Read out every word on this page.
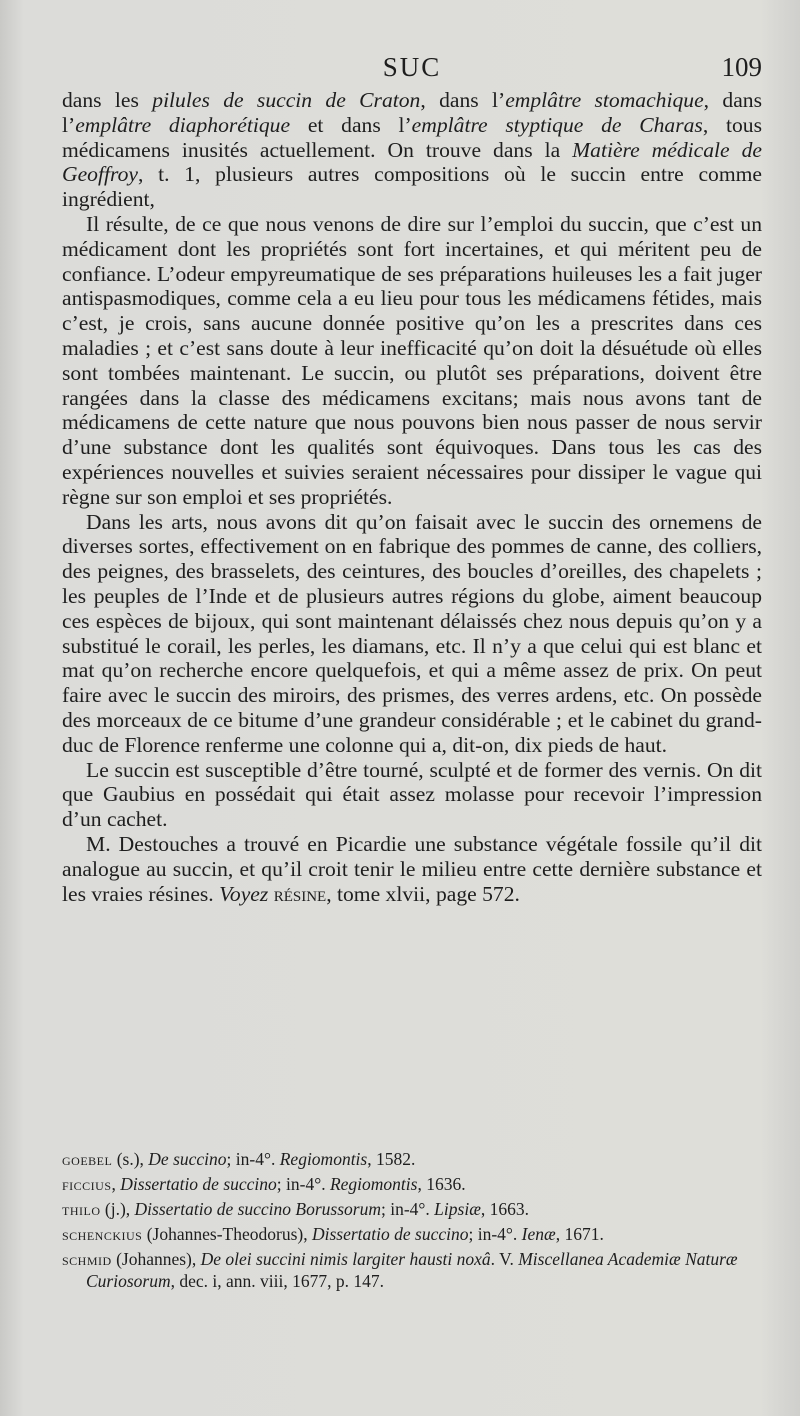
SUC	109

dans les pilules de succin de Craton, dans l’emplâtre stomachique, dans l’emplâtre diaphorétique et dans l’emplâtre styptique de Charas, tous médicamens inusités actuellement. On trouve dans la Matière médicale de Geoffroy, t. 1, plusieurs autres compositions où le succin entre comme ingrédient,

Il résulte, de ce que nous venons de dire sur l’emploi du succin, que c’est un médicament dont les propriétés sont fort incertaines, et qui méritent peu de confiance. L’odeur empyreumatique de ses préparations huileuses les a fait juger antispasmodiques, comme cela a eu lieu pour tous les médicamens fétides, mais c’est, je crois, sans aucune donnée positive qu’on les a prescrites dans ces maladies ; et c’est sans doute à leur inefficacité qu’on doit la désuétude où elles sont tombées maintenant. Le succin, ou plutôt ses préparations, doivent être rangées dans la classe des médicamens excitans; mais nous avons tant de médicamens de cette nature que nous pouvons bien nous passer de nous servir d’une substance dont les qualités sont équivoques. Dans tous les cas des expériences nouvelles et suivies seraient nécessaires pour dissiper le vague qui règne sur son emploi et ses propriétés.

Dans les arts, nous avons dit qu’on faisait avec le succin des ornemens de diverses sortes, effectivement on en fabrique des pommes de canne, des colliers, des peignes, des brasselets, des ceintures, des boucles d’oreilles, des chapelets ; les peuples de l’Inde et de plusieurs autres régions du globe, aiment beaucoup ces espèces de bijoux, qui sont maintenant délaissés chez nous depuis qu’on y a substitué le corail, les perles, les diamans, etc. Il n’y a que celui qui est blanc et mat qu’on recherche encore quelquefois, et qui a même assez de prix. On peut faire avec le succin des miroirs, des prismes, des verres ardens, etc. On possède des morceaux de ce bitume d’une grandeur considérable ; et le cabinet du grand-duc de Florence renferme une colonne qui a, dit-on, dix pieds de haut.

Le succin est susceptible d’être tourné, sculpté et de former des vernis. On dit que Gaubius en possédait qui était assez molasse pour recevoir l’impression d’un cachet.

M. Destouches a trouvé en Picardie une substance végétale fossile qu’il dit analogue au succin, et qu’il croit tenir le milieu entre cette dernière substance et les vraies résines. Voyez résine, tome xlvii, page 572.

goebel (s.), De succino; in-4°. Regiomontis, 1582.

ficcius, Dissertatio de succino; in-4°. Regiomontis, 1636.

thilo (j.), Dissertatio de succino Borussorum; in-4°. Lipsiæ, 1663.

schenckius (Johannes-Theodorus), Dissertatio de succino; in-4°. Ienæ, 1671.

schmid (Johannes), De olei succini nimis largiter hausti noxâ. V. Miscellanea Academiæ Naturæ Curiosorum, dec. i, ann. viii, 1677, p. 147.
